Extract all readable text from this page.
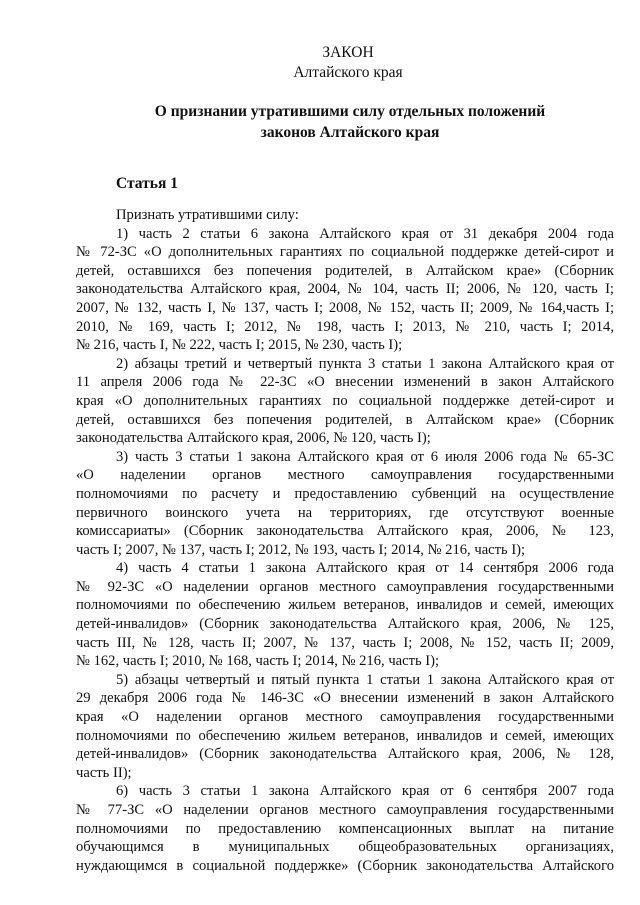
ЗАКОН
Алтайского края
О признании утратившими силу отдельных положений
законов Алтайского края
Статья 1
Признать утратившими силу:
1) часть 2 статьи 6 закона Алтайского края от 31 декабря 2004 года
№ 72-ЗС «О дополнительных гарантиях по социальной поддержке детей-сирот и
детей, оставшихся без попечения родителей, в Алтайском крае» (Сборник
законодательства Алтайского края, 2004, № 104, часть II; 2006, № 120, часть I;
2007, № 132, часть I, № 137, часть I; 2008, № 152, часть II; 2009, № 164,часть I;
2010, № 169, часть I; 2012, № 198, часть I; 2013, № 210, часть I; 2014,
№ 216, часть I, № 222, часть I; 2015, № 230, часть I);
2) абзацы третий и четвертый пункта 3 статьи 1 закона Алтайского края от
11 апреля 2006 года № 22-ЗС «О внесении изменений в закон Алтайского
края «О дополнительных гарантиях по социальной поддержке детей-сирот и
детей, оставшихся без попечения родителей, в Алтайском крае» (Сборник
законодательства Алтайского края, 2006, № 120, часть I);
3) часть 3 статьи 1 закона Алтайского края от 6 июля 2006 года № 65-ЗС
«О наделении органов местного самоуправления государственными
полномочиями по расчету и предоставлению субвенций на осуществление
первичного воинского учета на территориях, где отсутствуют военные
комиссариаты» (Сборник законодательства Алтайского края, 2006, № 123,
часть I; 2007, № 137, часть I; 2012, № 193, часть I; 2014, № 216, часть I);
4) часть 4 статьи 1 закона Алтайского края от 14 сентября 2006 года
№ 92-ЗС «О наделении органов местного самоуправления государственными
полномочиями по обеспечению жильем ветеранов, инвалидов и семей, имеющих
детей-инвалидов» (Сборник законодательства Алтайского края, 2006, № 125,
часть III, № 128, часть II; 2007, № 137, часть I; 2008, № 152, часть II; 2009,
№ 162, часть I; 2010, № 168, часть I; 2014, № 216, часть I);
5) абзацы четвертый и пятый пункта 1 статьи 1 закона Алтайского края от
29 декабря 2006 года № 146-ЗС «О внесении изменений в закон Алтайского
края «О наделении органов местного самоуправления государственными
полномочиями по обеспечению жильем ветеранов, инвалидов и семей, имеющих
детей-инвалидов» (Сборник законодательства Алтайского края, 2006, № 128,
часть II);
6) часть 3 статьи 1 закона Алтайского края от 6 сентября 2007 года
№ 77-ЗС «О наделении органов местного самоуправления государственными
полномочиями по предоставлению компенсационных выплат на питание
обучающимся в муниципальных общеобразовательных организациях,
нуждающимся в социальной поддержке» (Сборник законодательства Алтайского
